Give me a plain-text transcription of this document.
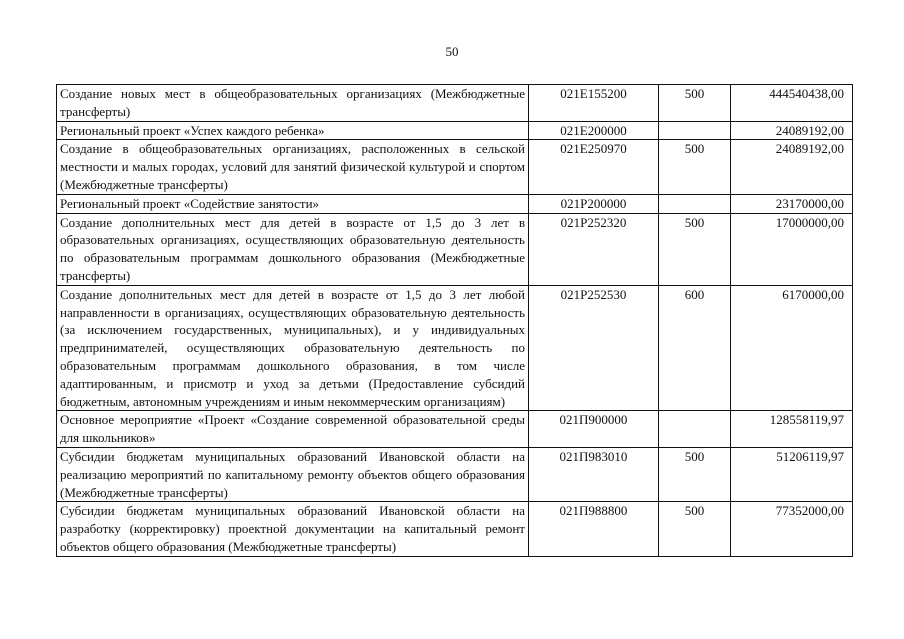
50
Создание новых мест в общеобразовательных организациях (Межбюджетные трансферты)	021E155200	500	444540438,00
Региональный проект «Успех каждого ребенка»	021E200000		24089192,00
Создание в общеобразовательных организациях, расположенных в сельской местности и малых городах, условий для занятий физической культурой и спортом (Межбюджетные трансферты)	021E250970	500	24089192,00
Региональный проект «Содействие занятости»	021P200000		23170000,00
Создание дополнительных мест для детей в возрасте от 1,5 до 3 лет в образовательных организациях, осуществляющих образовательную деятельность по образовательным программам дошкольного образования (Межбюджетные трансферты)	021P252320	500	17000000,00
Создание дополнительных мест для детей в возрасте от 1,5 до 3 лет любой направленности в организациях, осуществляющих образовательную деятельность (за исключением государственных, муниципальных), и у индивидуальных предпринимателей, осуществляющих образовательную деятельность по образовательным программам дошкольного образования, в том числе адаптированным, и присмотр и уход за детьми (Предоставление субсидий бюджетным, автономным учреждениям и иным некоммерческим организациям)	021P252530	600	6170000,00
Основное мероприятие «Проект «Создание современной образовательной среды для школьников»	021П900000		128558119,97
Субсидии бюджетам муниципальных образований Ивановской области на реализацию мероприятий по капитальному ремонту объектов общего образования (Межбюджетные трансферты)	021П983010	500	51206119,97
Субсидии бюджетам муниципальных образований Ивановской области на разработку (корректировку) проектной документации на капитальный ремонт объектов общего образования (Межбюджетные трансферты)	021П988800	500	77352000,00
